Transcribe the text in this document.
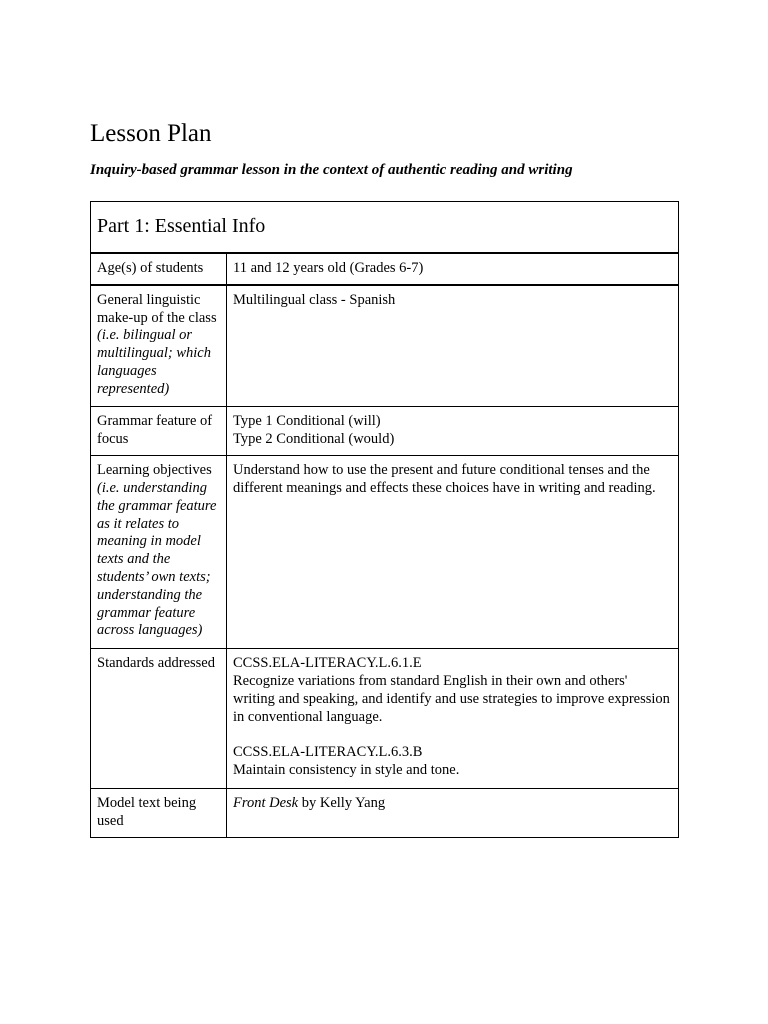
Lesson Plan

Inquiry-based grammar lesson in the context of authentic reading and writing

Part 1: Essential Info	
Age(s) of students	11 and 12 years old (Grades 6-7)
General linguistic make-up of the class (i.e. bilingual or multilingual; which languages represented)	Multilingual class - Spanish
Grammar feature of focus	Type 1 Conditional (will)
Type 2 Conditional (would)

Learning objectives (i.e. understanding the grammar feature as it relates to meaning in model texts and the students’ own texts; understanding the grammar feature across languages)	Understand how to use the present and future conditional tenses and the different meanings and effects these choices have in writing and reading.
Standards addressed	CCSS.ELA-LITERACY.L.6.1.E
Recognize variations from standard English in their own and others' writing and speaking, and identify and use strategies to improve expression in conventional language.
CCSS.ELA-LITERACY.L.6.3.B
Maintain consistency in style and tone.

Model text being used	Front Desk by Kelly Yang
